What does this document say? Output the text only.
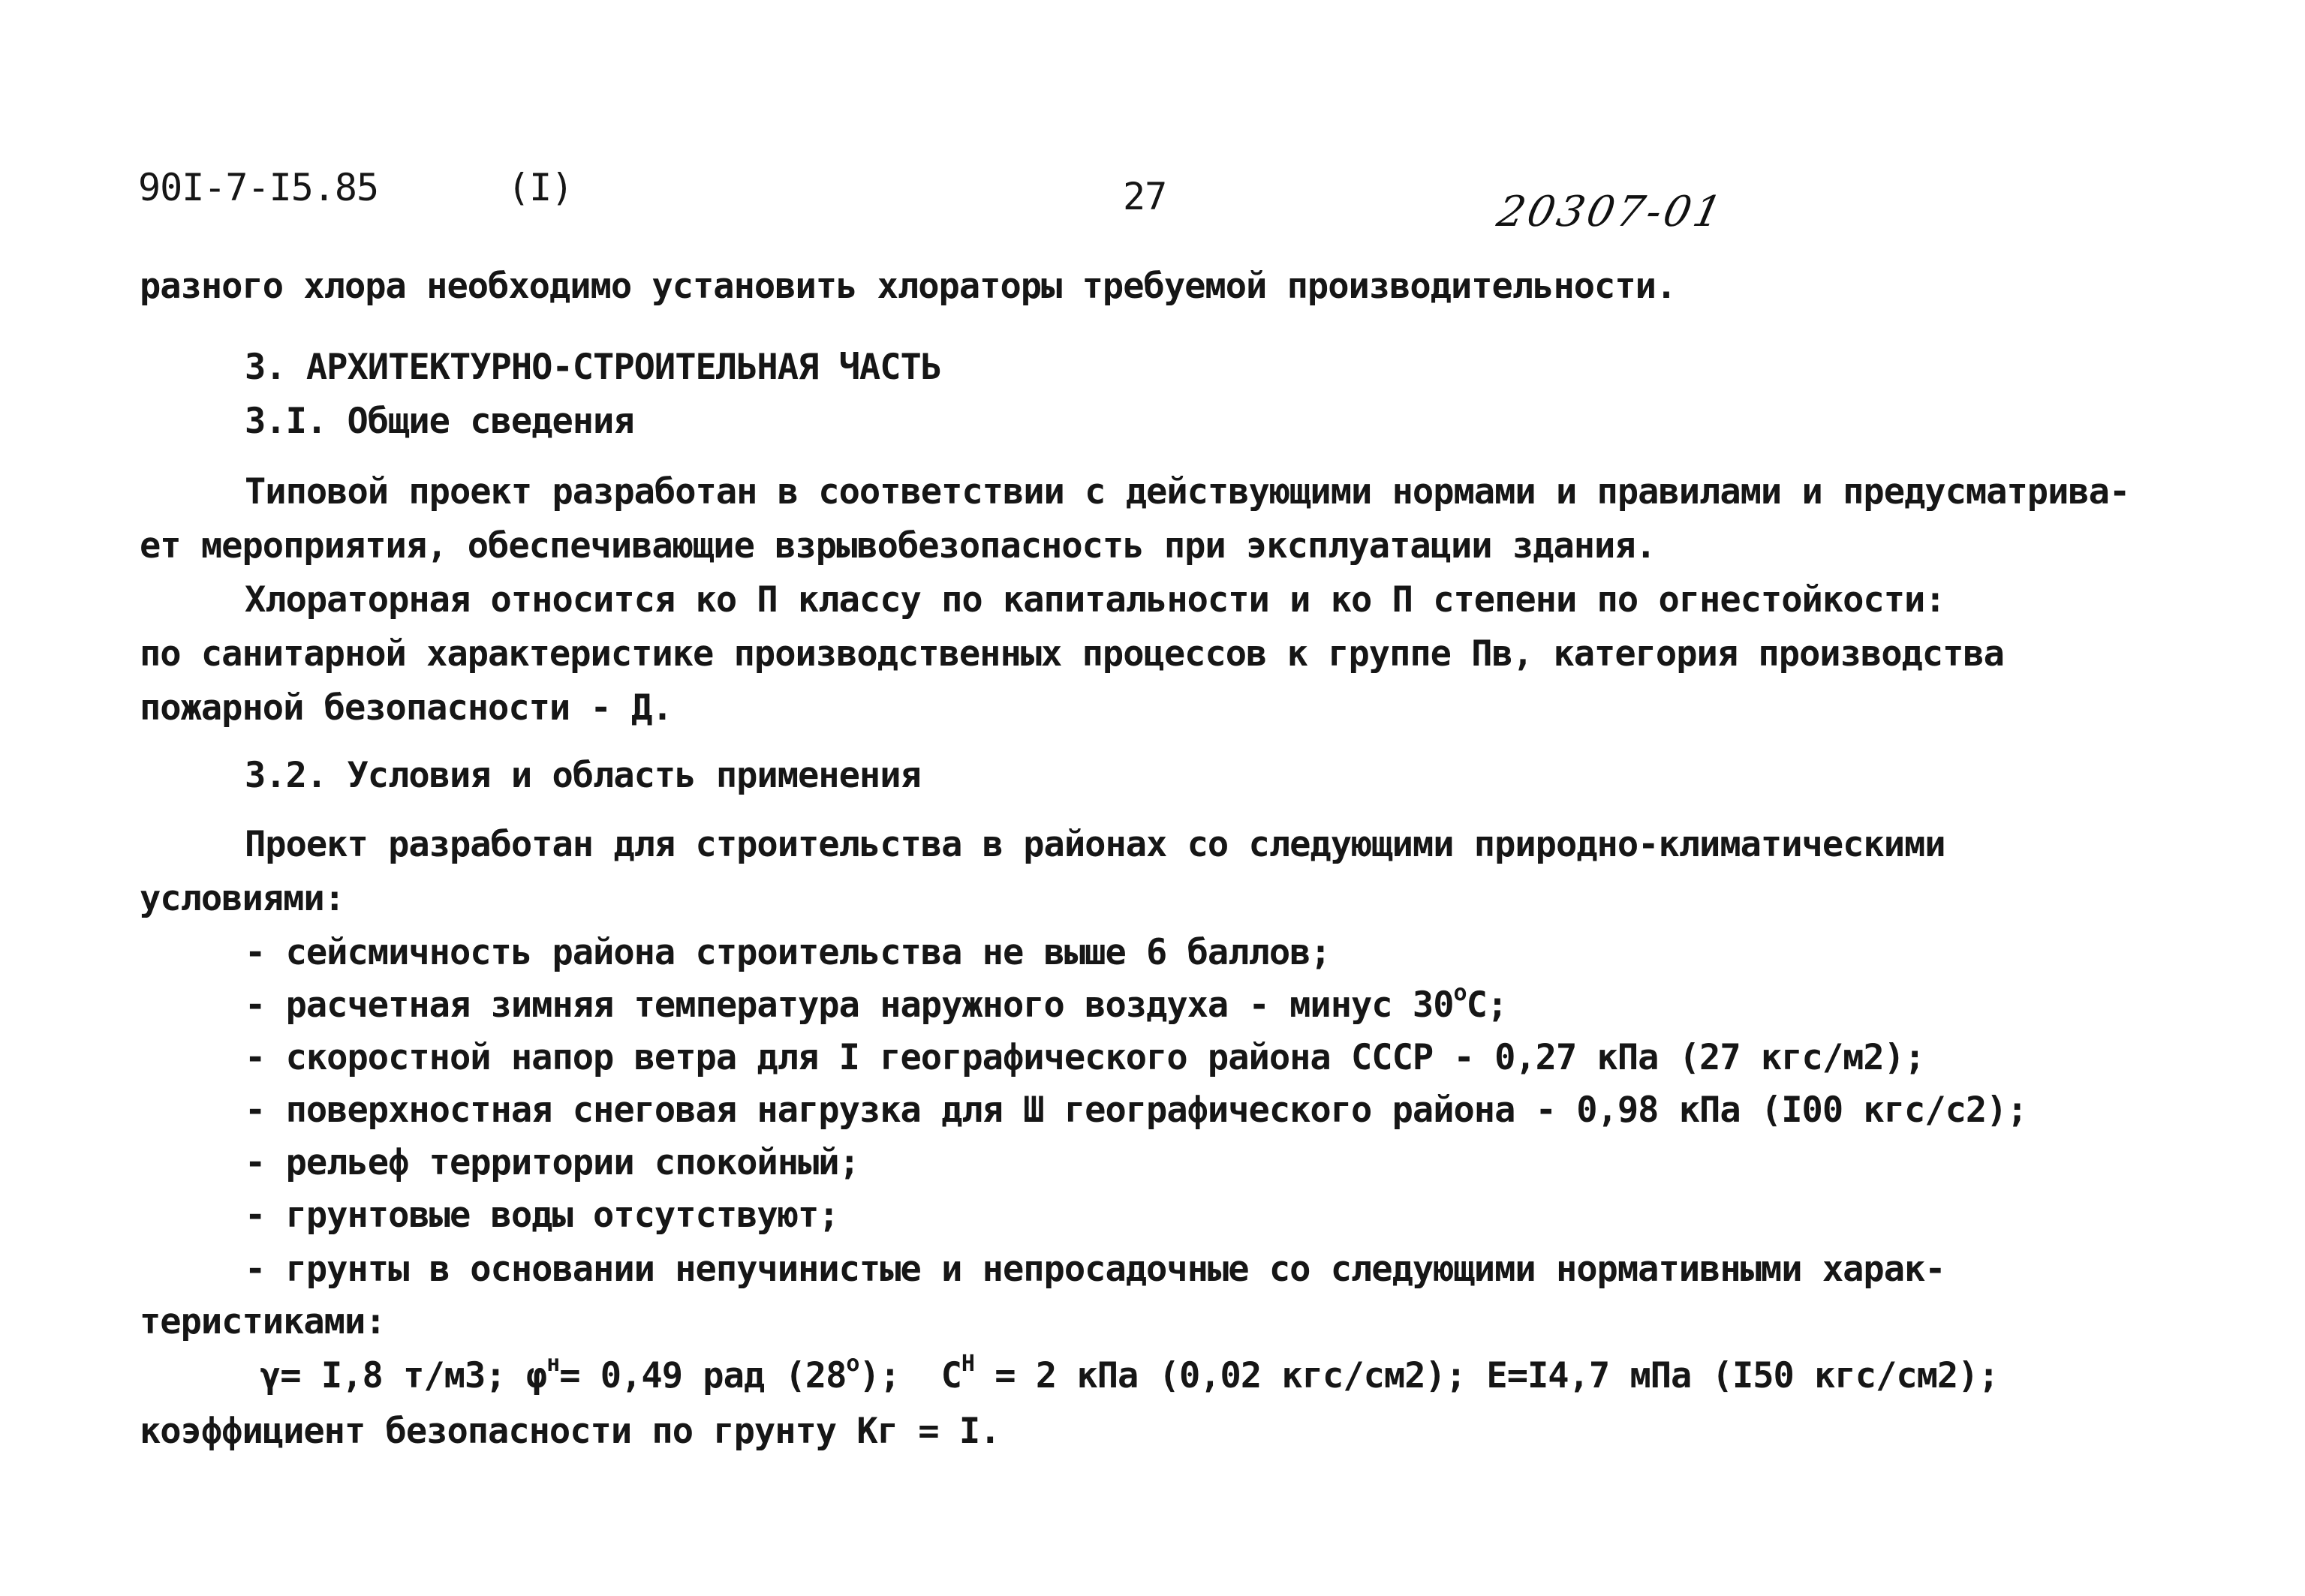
90I-7-I5.85	(I)	27	20307-01
разного хлора необходимо установить хлораторы требуемой производительности.
3. АРХИТЕКТУРНО-СТРОИТЕЛЬНАЯ ЧАСТЬ
3.I. Общие сведения
Типовой проект разработан в соответствии с действующими нормами и правилами и предусматрива-
ет мероприятия, обеспечивающие взрывобезопасность при эксплуатации здания.
Хлораторная относится ко П классу по капитальности и ко П степени по огнестойкости:
по санитарной характеристике производственных процессов к группе Пв, категория производства
пожарной безопасности - Д.
3.2. Условия и область применения
Проект разработан для строительства в районах со следующими природно-климатическими
условиями:
- сейсмичность района строительства не выше 6 баллов;
- расчетная зимняя температура наружного воздуха - минус $30^оС$;
- скоростной напор ветра для I географического района СССР - 0,27 кПа (27 кгс/м2);
- поверхностная снеговая нагрузка для Ш географического района - 0,98 кПа (I00 кгс/с2);
- рельеф территории спокойный;
- грунтовые воды отсутствуют;
- грунты в основании непучинистые и непросадочные со следующими нормативными харак-
теристиками:
γ= I,8 т/м3; $\varphi^н= 0,49$ рад $(28^о)$;  $С^Н = 2$ кПа (0,02 кгс/см2); Е=I4,7 мПа (I50 кгс/см2);
коэффициент безопасности по грунту Кг = I.
